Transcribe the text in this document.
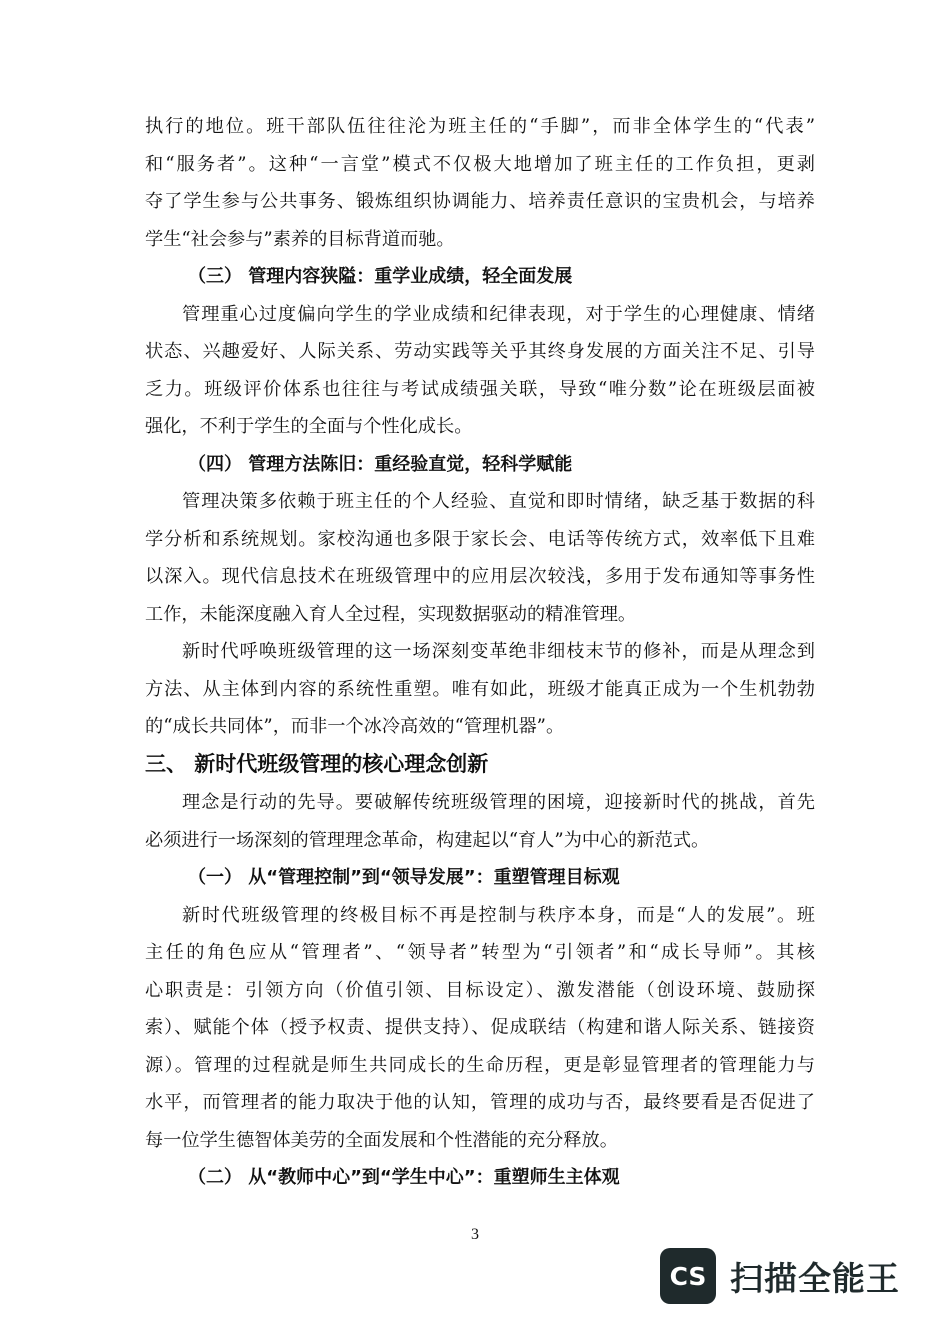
执行的地位。班干部队伍往往沦为班主任的“手脚”，而非全体学生的“代表”
和“服务者”。这种“一言堂”模式不仅极大地增加了班主任的工作负担，更剥
夺了学生参与公共事务、锻炼组织协调能力、培养责任意识的宝贵机会，与培养
学生“社会参与”素养的目标背道而驰。
（三） 管理内容狭隘：重学业成绩，轻全面发展
管理重心过度偏向学生的学业成绩和纪律表现，对于学生的心理健康、情绪
状态、兴趣爱好、人际关系、劳动实践等关乎其终身发展的方面关注不足、引导
乏力。班级评价体系也往往与考试成绩强关联，导致“唯分数”论在班级层面被
强化，不利于学生的全面与个性化成长。
（四） 管理方法陈旧：重经验直觉，轻科学赋能
管理决策多依赖于班主任的个人经验、直觉和即时情绪，缺乏基于数据的科
学分析和系统规划。家校沟通也多限于家长会、电话等传统方式，效率低下且难
以深入。现代信息技术在班级管理中的应用层次较浅，多用于发布通知等事务性
工作，未能深度融入育人全过程，实现数据驱动的精准管理。
新时代呼唤班级管理的这一场深刻变革绝非细枝末节的修补，而是从理念到
方法、从主体到内容的系统性重塑。唯有如此，班级才能真正成为一个生机勃勃
的“成长共同体”，而非一个冰冷高效的“管理机器”。
三、 新时代班级管理的核心理念创新
理念是行动的先导。要破解传统班级管理的困境，迎接新时代的挑战，首先
必须进行一场深刻的管理理念革命，构建起以“育人”为中心的新范式。
（一） 从“管理控制”到“领导发展”：重塑管理目标观
新时代班级管理的终极目标不再是控制与秩序本身，而是“人的发展”。班
主任的角色应从“管理者”、“领导者”转型为“引领者”和“成长导师”。其核
心职责是：引领方向（价值引领、目标设定）、激发潜能（创设环境、鼓励探
索）、赋能个体（授予权责、提供支持）、促成联结（构建和谐人际关系、链接资
源）。管理的过程就是师生共同成长的生命历程，更是彰显管理者的管理能力与
水平，而管理者的能力取决于他的认知，管理的成功与否，最终要看是否促进了
每一位学生德智体美劳的全面发展和个性潜能的充分释放。
（二） 从“教师中心”到“学生中心”：重塑师生主体观
3
CS 扫描全能王
